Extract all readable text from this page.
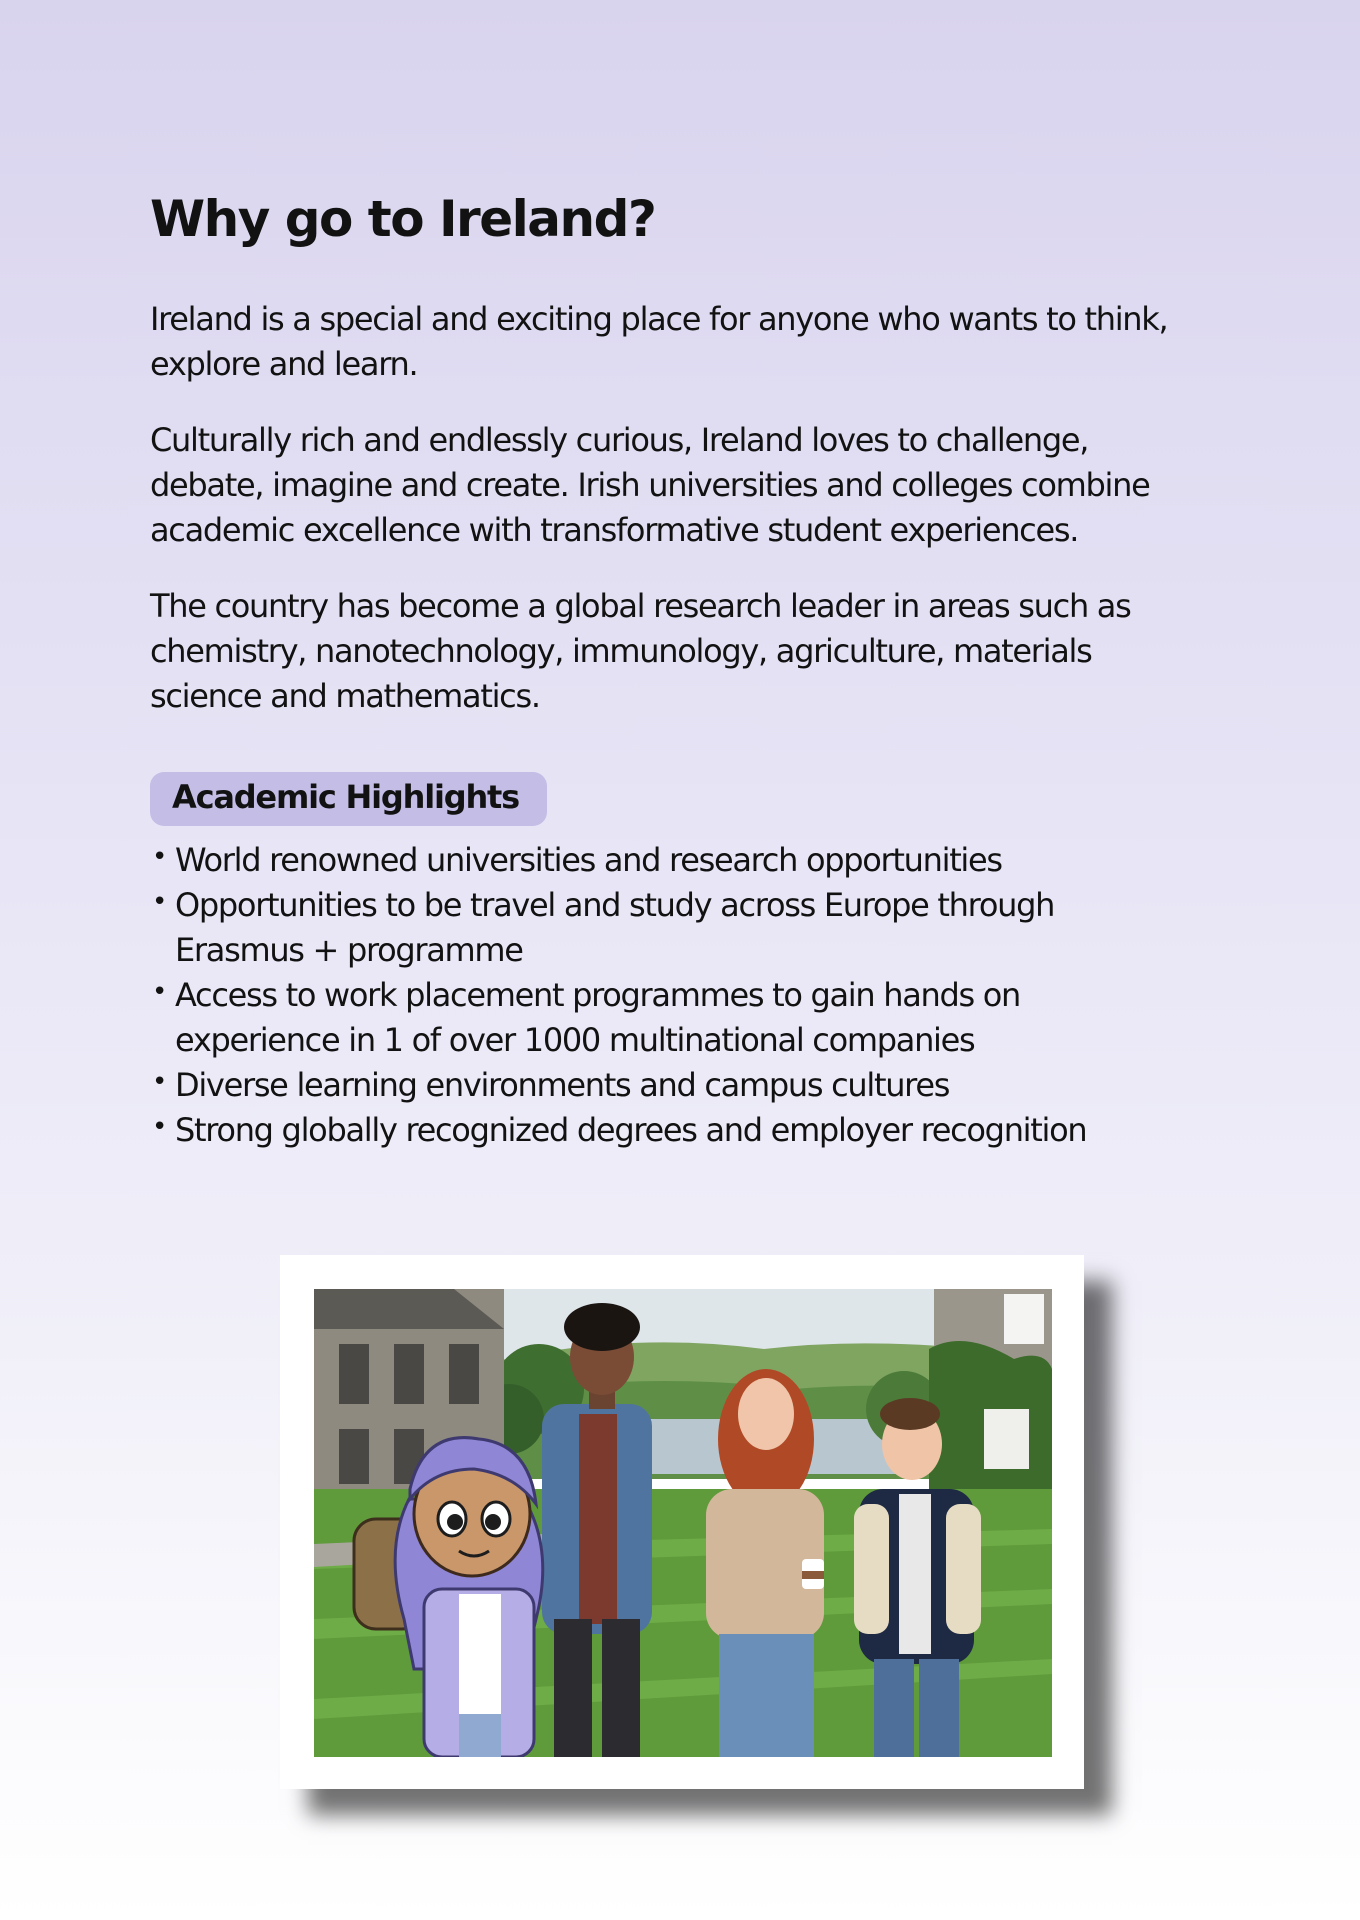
Why go to Ireland?

Ireland is a special and exciting place for anyone who wants to think, explore and learn.

Culturally rich and endlessly curious, Ireland loves to challenge, debate, imagine and create. Irish universities and colleges combine academic excellence with transformative student experiences.

The country has become a global research leader in areas such as chemistry, nanotechnology, immunology, agriculture, materials science and mathematics.

Academic Highlights
• World renowned universities and research opportunities
• Opportunities to be travel and study across Europe through Erasmus + programme
• Access to work placement programmes to gain hands on experience in 1 of over 1000 multinational companies
• Diverse learning environments and campus cultures
• Strong globally recognized degrees and employer recognition
